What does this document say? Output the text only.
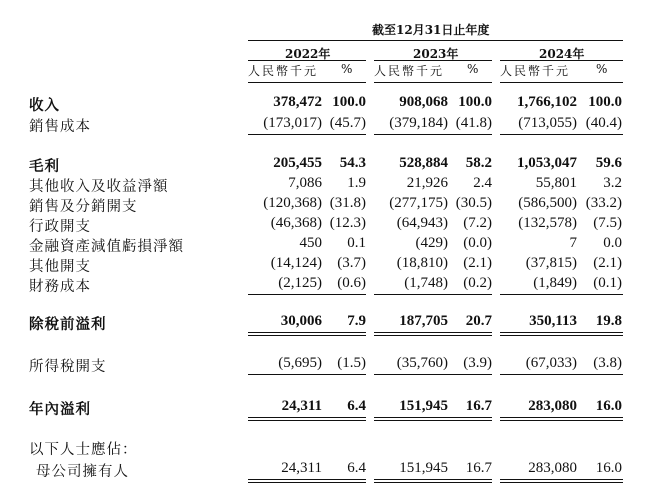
截至12月31日止年度
2022年	2023年	2024年
人民幣千元 % 人民幣千元 % 人民幣千元 %
收入	378,472 100.0	908,068 100.0	1,766,102 100.0
銷售成本	(173,017) (45.7)	(379,184) (41.8)	(713,055) (40.4)
毛利	205,455	54.3	528,884	58.2	1,053,047	59.6
其他收入及收益淨額	7,086	1.9	21,926	2.4	55,801	3.2
銷售及分銷開支	(120,368) (31.8)	(277,175) (30.5)	(586,500) (33.2)
行政開支	(46,368) (12.3)	(64,943)	(7.2)	(132,578)	(7.5)
金融資產減值虧損淨額	450	0.1	(429)	(0.0)	7	0.0
其他開支	(14,124)	(3.7)	(18,810)	(2.1)	(37,815)	(2.1)
財務成本	(2,125)	(0.6)	(1,748)	(0.2)	(1,849)	(0.1)
除稅前溢利	30,006	7.9	187,705	20.7	350,113	19.8
所得稅開支	(5,695)	(1.5)	(35,760)	(3.9)	(67,033)	(3.8)
年內溢利	24,311	6.4	151,945	16.7	283,080	16.0
以下人士應佔：
母公司擁有人	24,311	6.4	151,945	16.7	283,080	16.0
